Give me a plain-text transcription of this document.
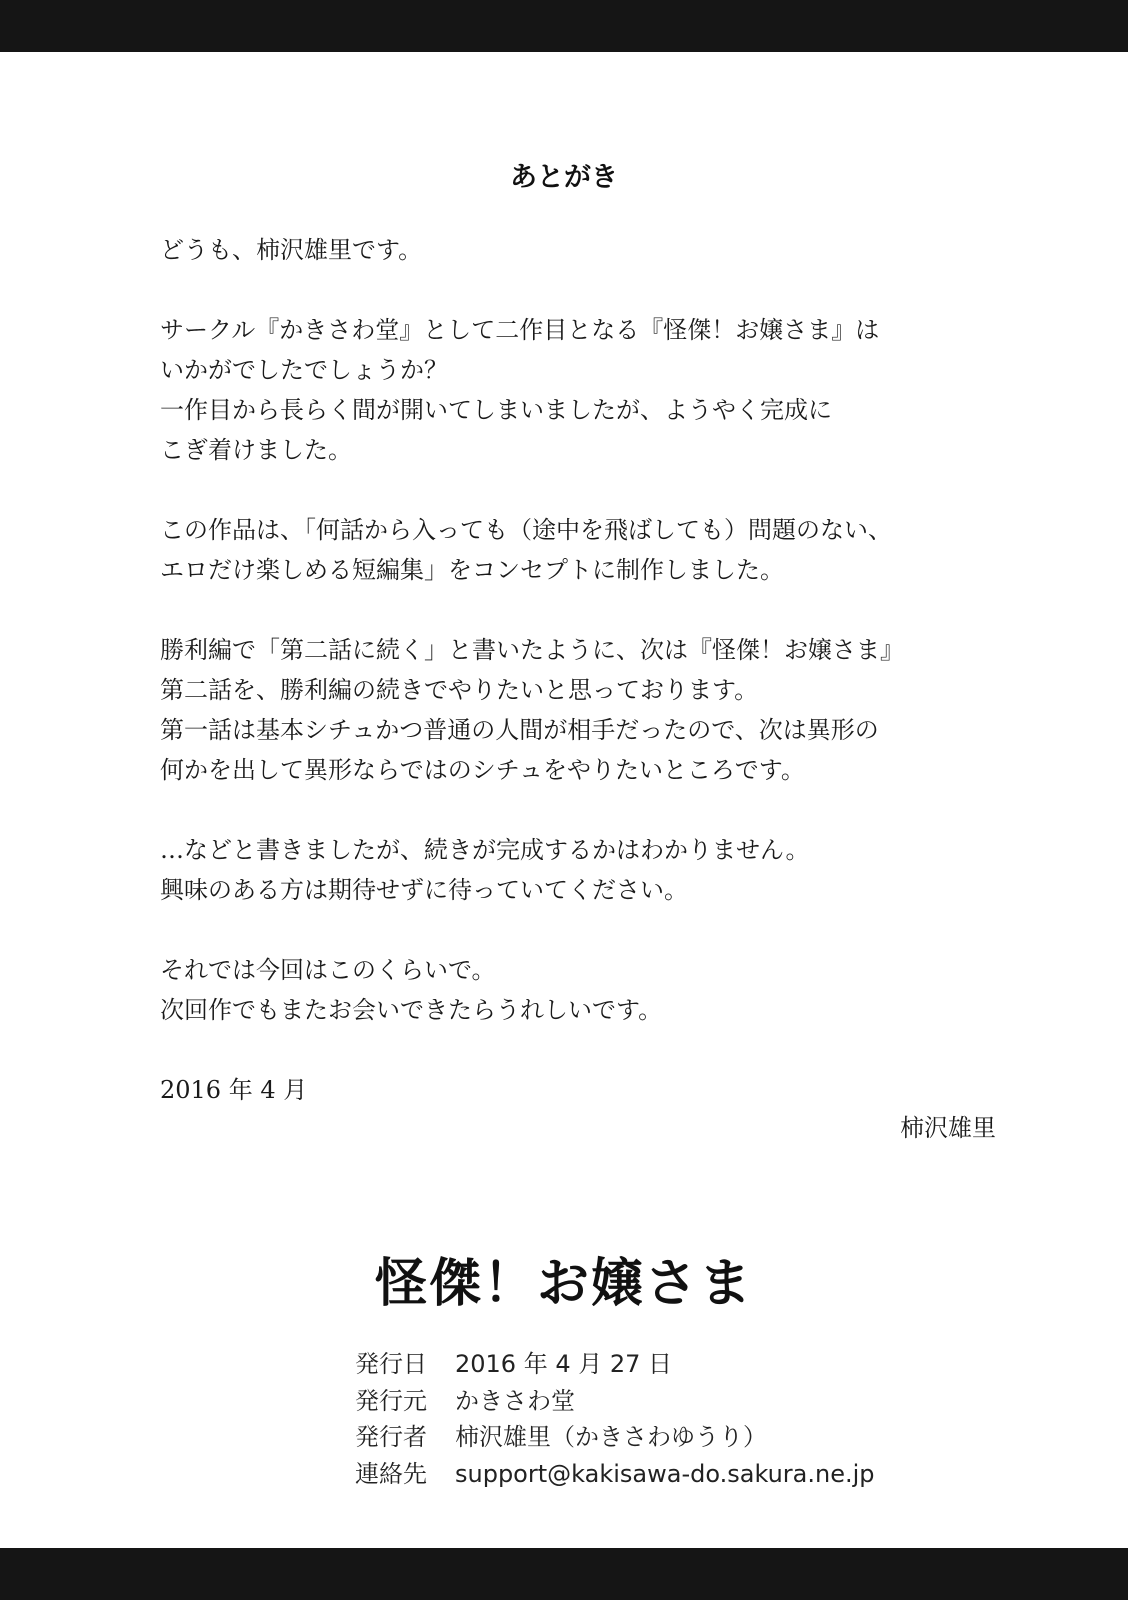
あとがき

どうも、柿沢雄里です。

サークル『かきさわ堂』として二作目となる『怪傑！お嬢さま』は
いかがでしたでしょうか？
一作目から長らく間が開いてしまいましたが、ようやく完成に
こぎ着けました。

この作品は、「何話から入っても（途中を飛ばしても）問題のない、
エロだけ楽しめる短編集」をコンセプトに制作しました。

勝利編で「第二話に続く」と書いたように、次は『怪傑！お嬢さま』
第二話を、勝利編の続きでやりたいと思っております。
第一話は基本シチュかつ普通の人間が相手だったので、次は異形の
何かを出して異形ならではのシチュをやりたいところです。

…などと書きましたが、続きが完成するかはわかりません。
興味のある方は期待せずに待っていてください。

それでは今回はこのくらいで。
次回作でもまたお会いできたらうれしいです。

2016 年 4 月
柿沢雄里
怪傑！お嬢さま
発行日 2016 年 4 月 27 日
発行元 かきさわ堂
発行者 柿沢雄里（かきさわゆうり）
連絡先 support@kakisawa-do.sakura.ne.jp
